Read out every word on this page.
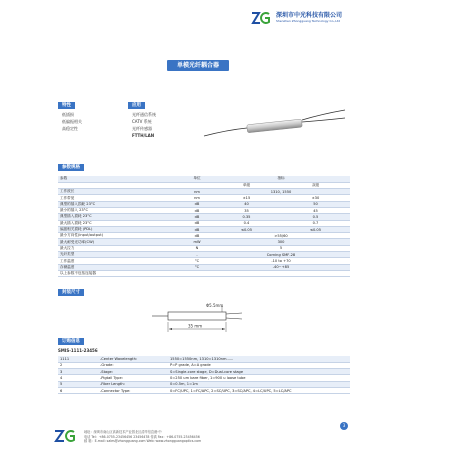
深圳市中光科技有限公司
Shenzhen Zhongguang Technology Co.,Ltd
单模光纤耦合器
特性
低插损
低偏振相关
高稳定性
应用
光纤通信系统
CATV 系统
光纤传感器
FTTH/LAN
参数规格
参数	单位	指标	
		单级	双级
工作波长	nm	1310, 1550	
工作带宽	nm	±15	±30
典型的插入损耗 23°C	dB	40	50
最小的插入 23°C	dB	35	45
典型插入损耗 23°C	dB	0.35	0.5
最大插入损耗 23°C	dB	0.4	0.7
偏振相关损耗 (PDL)	dB	≤0.05	≤0.05
最小方向性(input/output)	dB	>55/60	
最大耐受光功率(CW)	mW	300	
最大拉力	N	5	
光纤类型	-	Corning SMF-28	
工作温度	°C	-10 to +70	
存储温度	°C	-40~+85	
以上参数不包括连接器			
封装尺寸
Φ5.5mm
35 mm
订购信息
SMIS-1111-23456
1111	-Center Wavelength:	1550=1550nm, 1310=1310nm......
2	-Grade:	P=P grade, A=A grade
3	-Stage:	S=Single-core stage, D=Dual-core stage
4	-Pigtail Type:	0=250 um bare fiber, 1=900 u loose tube
5	-Fiber Length:	0=0.5m, 1=1m
6	-Connector Type:	0=FC/UPC, 1=FC/APC, 2=SC/UPC, 3=SC/APC, 4=LC/UPC, 5=LC/APC
3
地址：深圳市南山区高新技术产业园北区清华信息港·中
电话 Tel：+86-0755-23456456 23456478 传真 Fax：+86-0755-23456456
邮 箱：E-mail: sales@zhongguang.com Web: www.zhongguangoptics.com
